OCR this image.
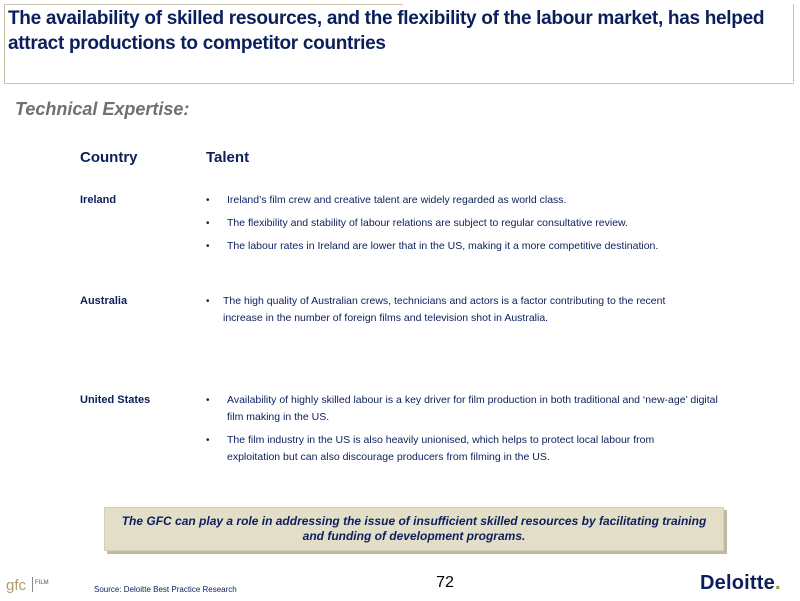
The availability of skilled resources, and the flexibility of the labour market, has helped attract productions to competitor countries
Technical Expertise:
Country	Talent
Ireland	•	Ireland’s film crew and creative talent are widely regarded as world class.
•	The flexibility and stability of labour relations are subject to regular consultative review.
•	The labour rates in Ireland are lower that in the US, making it a more competitive destination.
Australia	•	The high quality of Australian crews, technicians and actors is a factor contributing to the recent increase in the number of foreign films and television shot in Australia.
United States	•	Availability of highly skilled labour is a key driver for film production in both traditional and ‘new-age’ digital film making in the US.
•	The film industry in the US is also heavily unionised, which helps to protect local labour from exploitation but can also discourage producers from filming in the US.
The GFC can play a role in addressing the issue of insufficient skilled resources by facilitating training and funding of development programs.
gfc FILM
Source: Deloitte Best Practice Research	72	Deloitte.
